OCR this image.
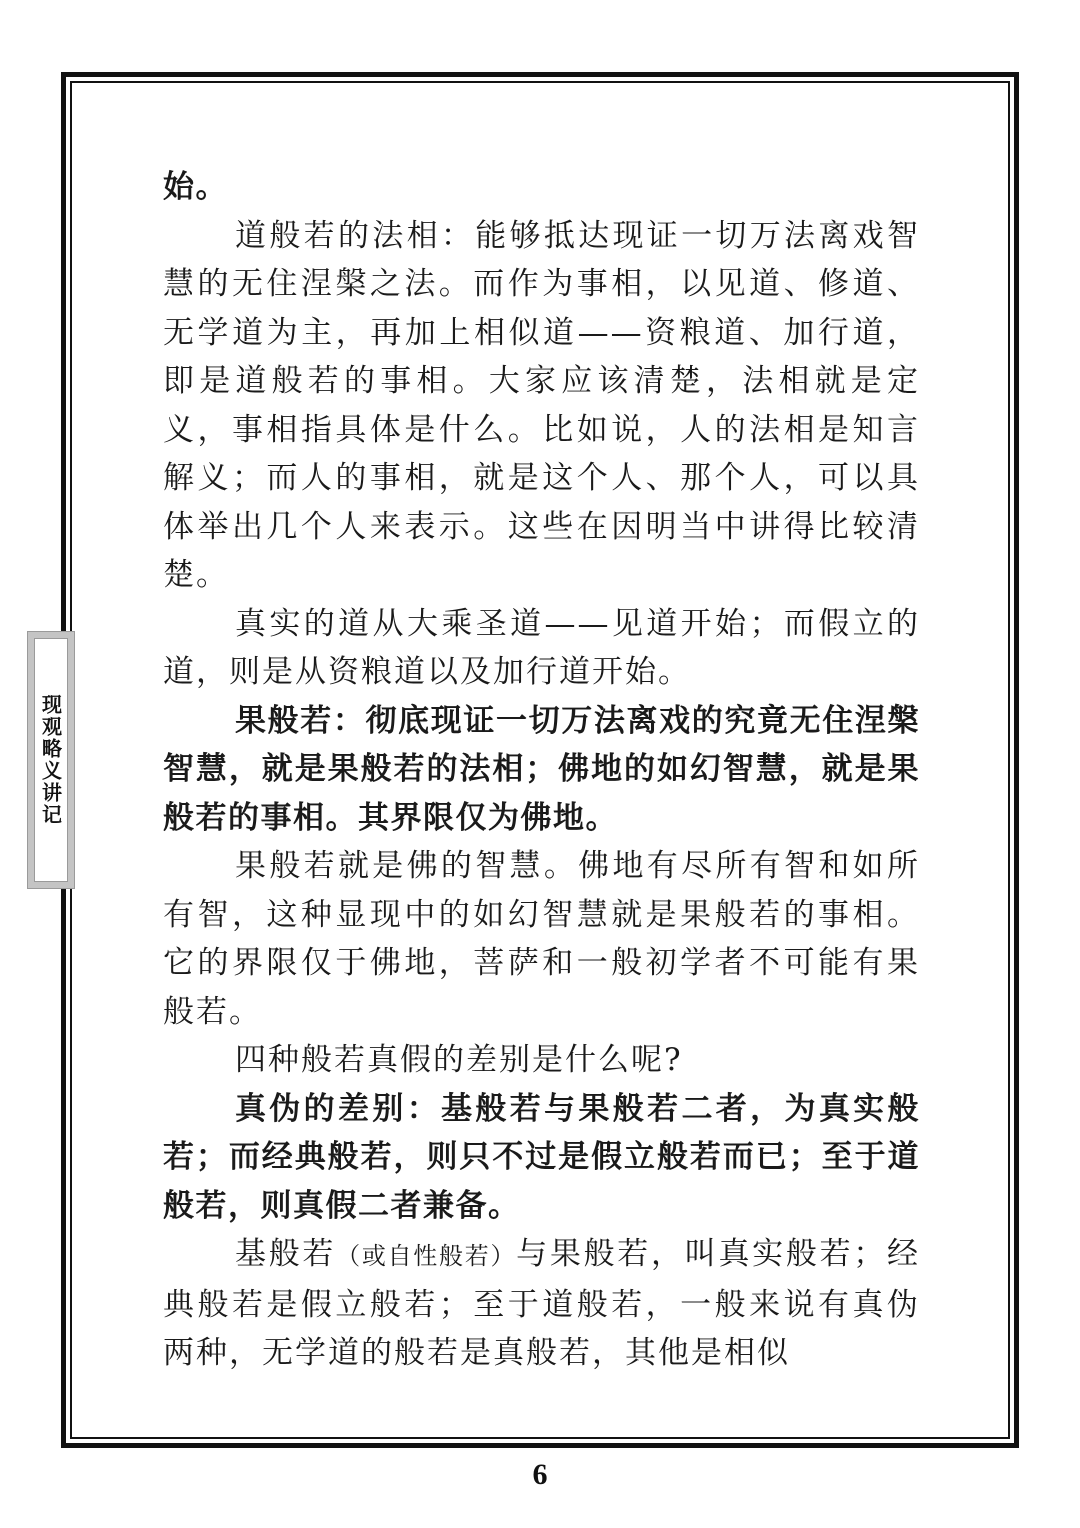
现观略义讲记

始。

道般若的法相：能够抵达现证一切万法离戏智慧的无住涅槃之法。而作为事相，以见道、修道、无学道为主，再加上相似道——资粮道、加行道，即是道般若的事相。大家应该清楚，法相就是定义，事相指具体是什么。比如说，人的法相是知言解义；而人的事相，就是这个人、那个人，可以具体举出几个人来表示。这些在因明当中讲得比较清楚。

真实的道从大乘圣道——见道开始；而假立的道，则是从资粮道以及加行道开始。

果般若：彻底现证一切万法离戏的究竟无住涅槃智慧，就是果般若的法相；佛地的如幻智慧，就是果般若的事相。其界限仅为佛地。

果般若就是佛的智慧。佛地有尽所有智和如所有智，这种显现中的如幻智慧就是果般若的事相。它的界限仅于佛地，菩萨和一般初学者不可能有果般若。

四种般若真假的差别是什么呢?

真伪的差别：基般若与果般若二者，为真实般若；而经典般若，则只不过是假立般若而已；至于道般若，则真假二者兼备。

基般若（或自性般若）与果般若，叫真实般若；经典般若是假立般若；至于道般若，一般来说有真伪两种，无学道的般若是真般若，其他是相似

6
